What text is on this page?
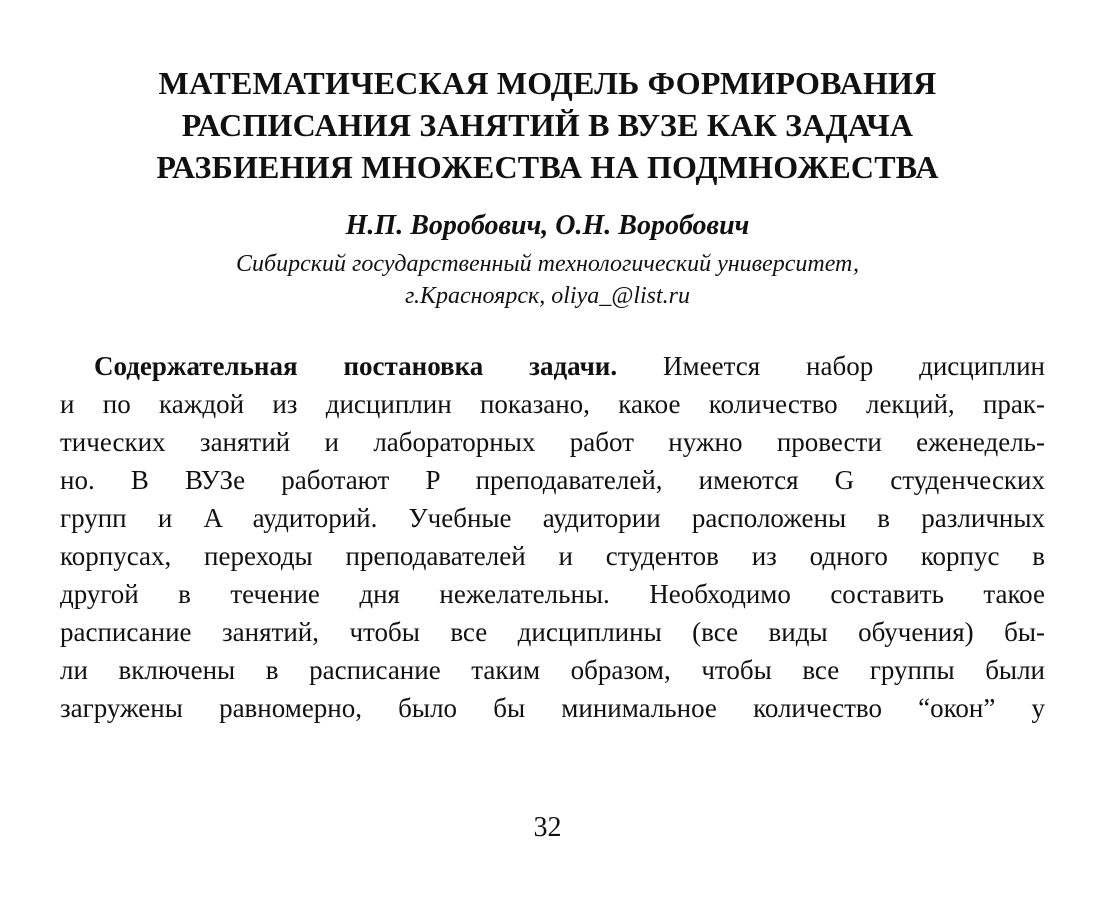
МАТЕМАТИЧЕСКАЯ МОДЕЛЬ ФОРМИРОВАНИЯ
РАСПИСАНИЯ ЗАНЯТИЙ В ВУЗЕ КАК ЗАДАЧА
РАЗБИЕНИЯ МНОЖЕСТВА НА ПОДМНОЖЕСТВА
Н.П. Воробович, О.Н. Воробович
Сибирский государственный технологический университет,
г.Красноярск, oliya_@list.ru
Содержательная постановка задачи. Имеется набор дисциплин
и по каждой из дисциплин показано, какое количество лекций, прак-
тических занятий и лабораторных работ нужно провести еженедель-
но. В ВУЗе работают P преподавателей, имеются G студенческих
групп и A аудиторий. Учебные аудитории расположены в различных
корпусах, переходы преподавателей и студентов из одного корпус в
другой в течение дня нежелательны. Необходимо составить такое
расписание занятий, чтобы все дисциплины (все виды обучения) бы-
ли включены в расписание таким образом, чтобы все группы были
загружены равномерно, было бы минимальное количество “окон” у
32
